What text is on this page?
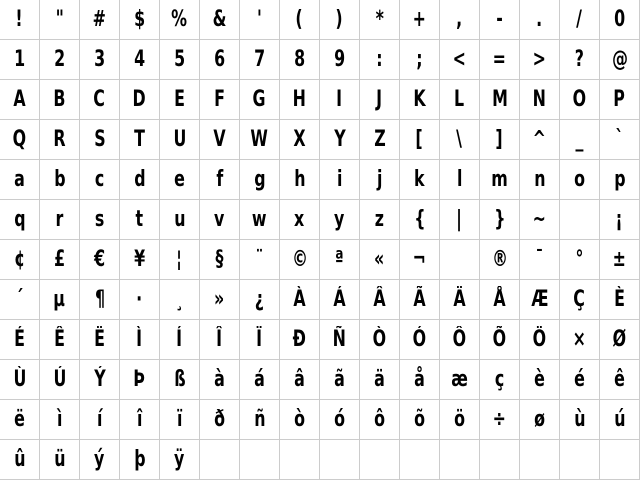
! " # $ % & ' ( ) * + , - . / 0
1 2 3 4 5 6 7 8 9 : ; < = > ? @
A B C D E F G H I J K L M N O P
Q R S T U V W X Y Z [ \ ] ^ _ `
a b c d e f g h i j k l m n o p
q r s t u v w x y z { | } ~	¡
¢ £ € ¥ ¦ § ¨ © ª « ¬	® ¯ ° ±
´ µ ¶ · ¸ » ¿ À Á Â Ã Ä Å Æ Ç È
É Ê Ë Ì Í Î Ï Ð Ñ Ò Ó Ô Õ Ö × Ø
Ù Ú Ý Þ ß à á â ã ä å æ ç è é ê
ë ì í î ï ð ñ ò ó ô õ ö ÷ ø ù ú
û ü ý þ ÿ
